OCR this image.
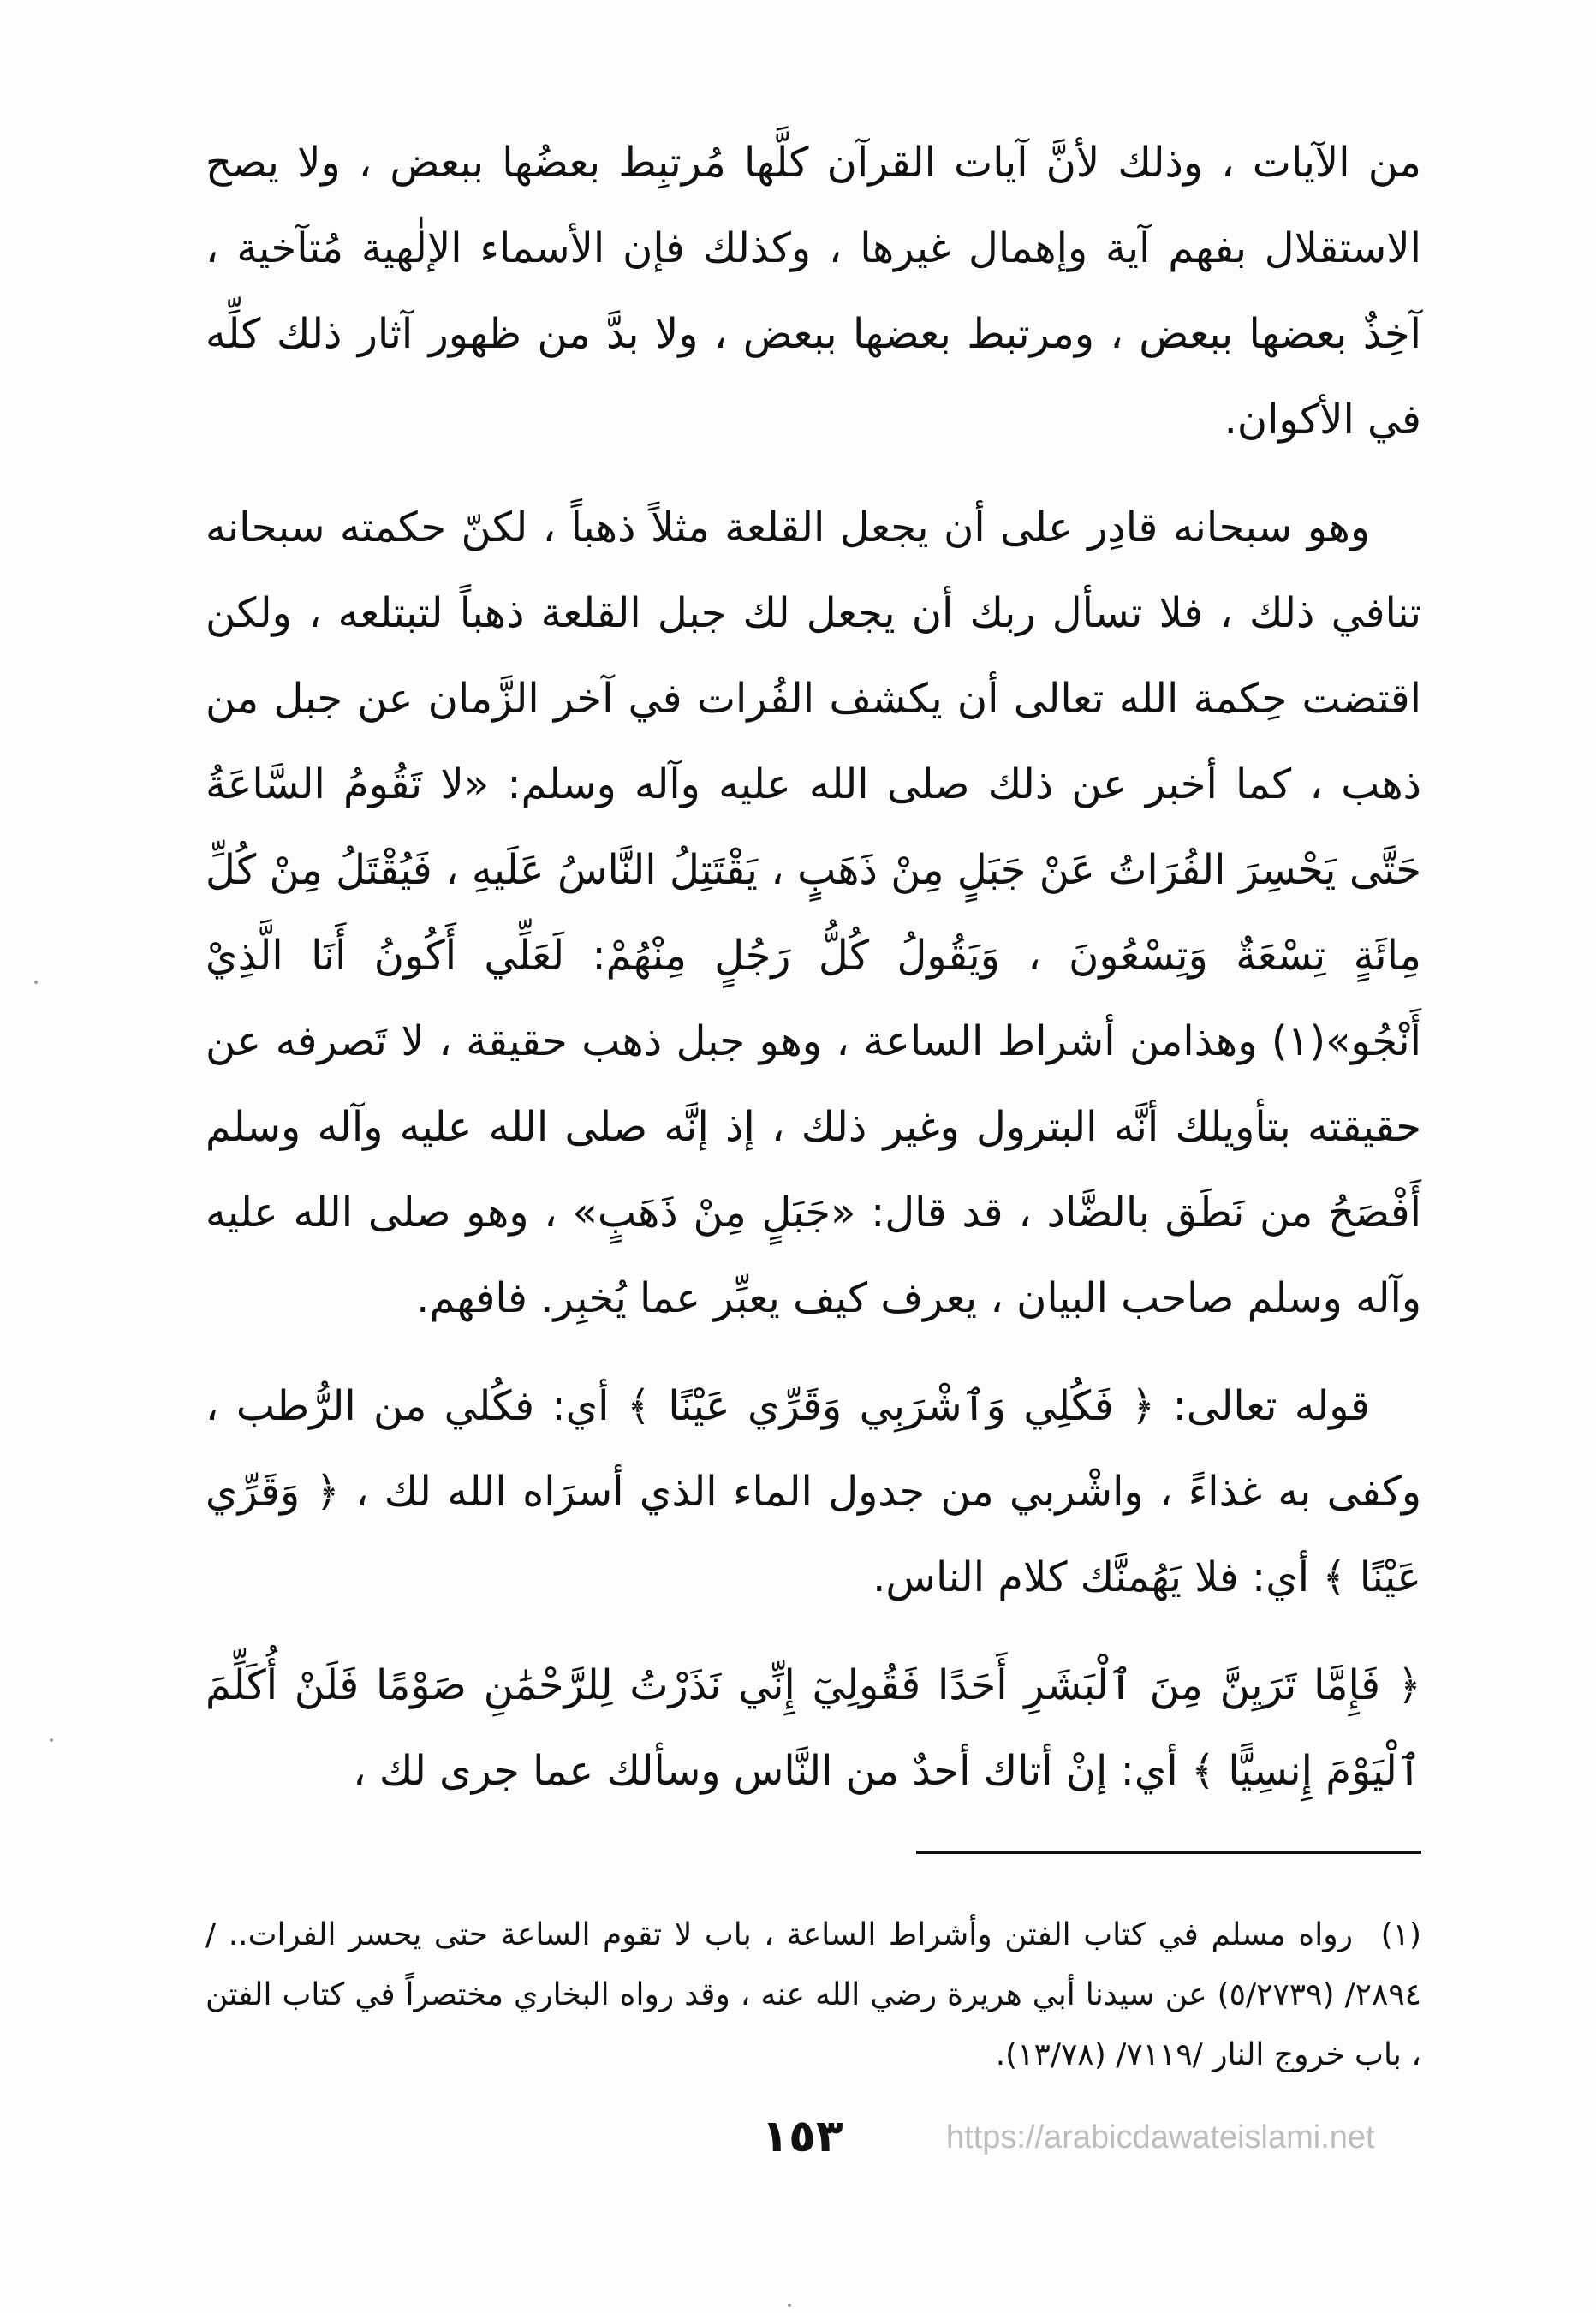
من الآيات ، وذلك لأنَّ آيات القرآن كلَّها مُرتبِط بعضُها ببعض ، ولا يصح الاستقلال بفهم آية وإهمال غيرها ، وكذلك فإن الأسماء الإلٰهية مُتآخية ، آخِذٌ بعضها ببعض ، ومرتبط بعضها ببعض ، ولا بدَّ من ظهور آثار ذلك كلِّه في الأكوان.

وهو سبحانه قادِر على أن يجعل القلعة مثلاً ذهباً ، لكنّ حكمته سبحانه تنافي ذلك ، فلا تسأل ربك أن يجعل لك جبل القلعة ذهباً لتبتلعه ، ولكن اقتضت حِكمة الله تعالى أن يكشف الفُرات في آخر الزَّمان عن جبل من ذهب ، كما أخبر عن ذلك صلى الله عليه وآله وسلم: «لا تَقُومُ السَّاعَةُ حَتَّى يَحْسِرَ الفُرَاتُ عَنْ جَبَلٍ مِنْ ذَهَبٍ ، يَقْتَتِلُ النَّاسُ عَلَيهِ ، فَيُقْتَلُ مِنْ كُلِّ مِائَةٍ تِسْعَةٌ وَتِسْعُونَ ، وَيَقُولُ كُلُّ رَجُلٍ مِنْهُمْ: لَعَلِّي أَكُونُ أَنَا الَّذِيْ أَنْجُو»(١) وهذامن أشراط الساعة ، وهو جبل ذهب حقيقة ، لا تَصرفه عن حقيقته بتأويلك أنَّه البترول وغير ذلك ، إذ إنَّه صلى الله عليه وآله وسلم أَفْصَحُ من نَطَق بالضَّاد ، قد قال: «جَبَلٍ مِنْ ذَهَبٍ» ، وهو صلى الله عليه وآله وسلم صاحب البيان ، يعرف كيف يعبِّر عما يُخبِر. فافهم.

قوله تعالى: ﴿ فَكُلِي وَٱشْرَبِي وَقَرِّي عَيْنًا ﴾ أي: فكُلي من الرُّطب ، وكفى به غذاءً ، واشْربي من جدول الماء الذي أسرَاه الله لك ، ﴿ وَقَرِّي عَيْنًا ﴾ أي: فلا يَهُمنَّك كلام الناس.

﴿ فَإِمَّا تَرَيِنَّ مِنَ ٱلْبَشَرِ أَحَدًا فَقُولِيٓ إِنِّي نَذَرْتُ لِلرَّحْمَٰنِ صَوْمًا فَلَنْ أُكَلِّمَ ٱلْيَوْمَ إِنسِيًّا ﴾ أي: إنْ أتاك أحدٌ من النَّاس وسألك عما جرى لك ،

(١) رواه مسلم في كتاب الفتن وأشراط الساعة ، باب لا تقوم الساعة حتى يحسر الفرات.. /٢٨٩٤/ (٥/٢٧٣٩) عن سيدنا أبي هريرة رضي الله عنه ، وقد رواه البخاري مختصراً في كتاب الفتن ، باب خروج النار /٧١١٩/ (١٣/٧٨).
١٥٣	https://arabicdawateislami.net
